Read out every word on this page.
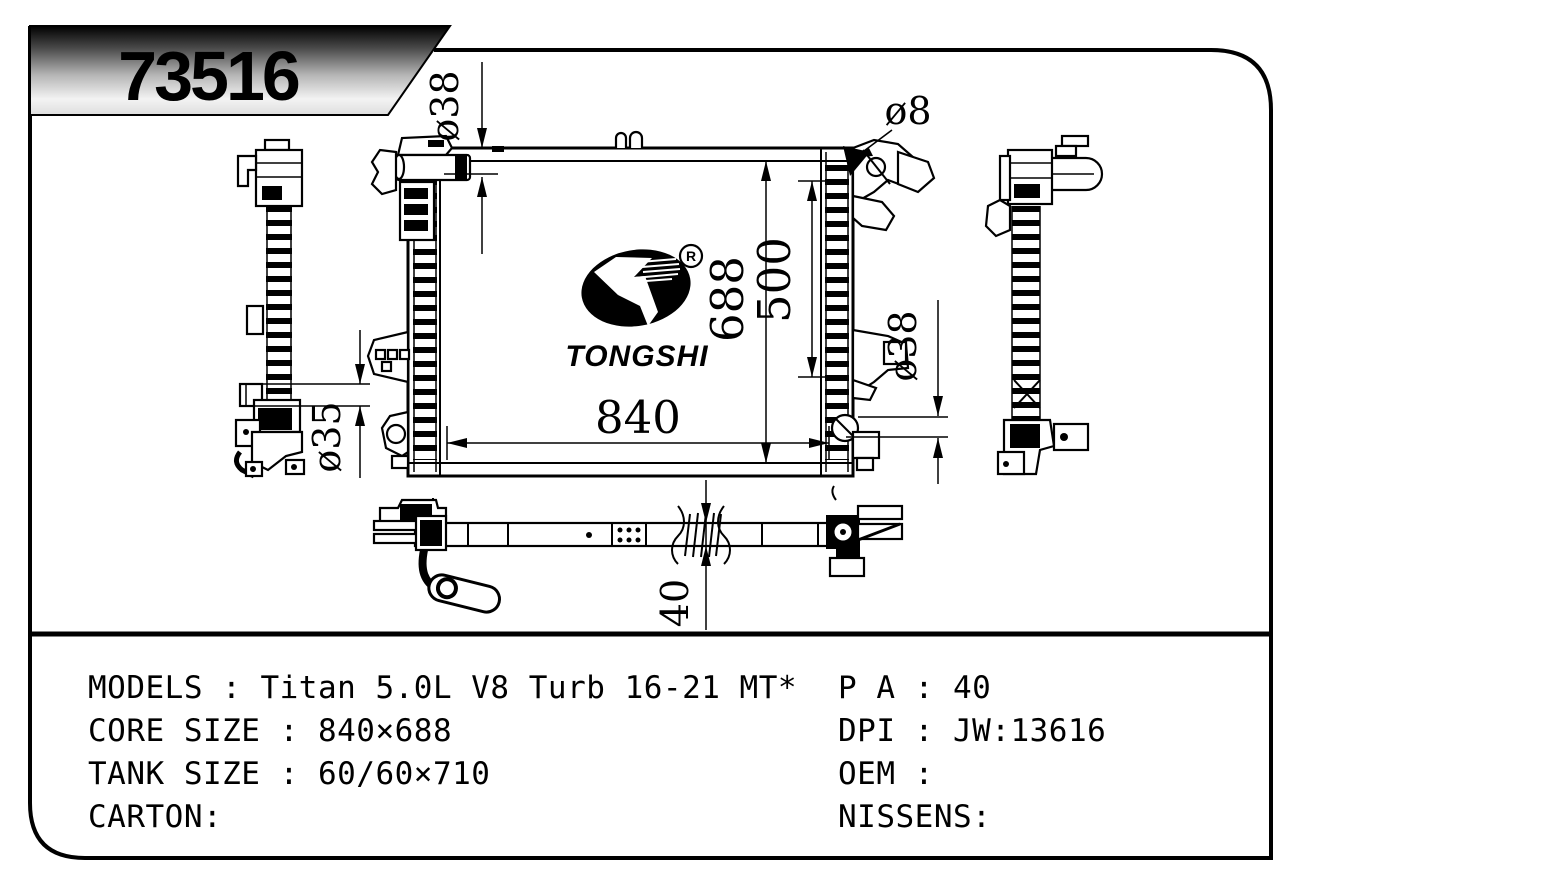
73516
R
TONGSHI
ø38	ø8
688
500
840
ø35
ø38
40
MODELS : Titan 5.0L V8 Turb 16-21 MT*
CORE SIZE : 840×688
TANK SIZE : 60/60×710
CARTON:
P A : 40
DPI : JW:13616
OEM :
NISSENS:
